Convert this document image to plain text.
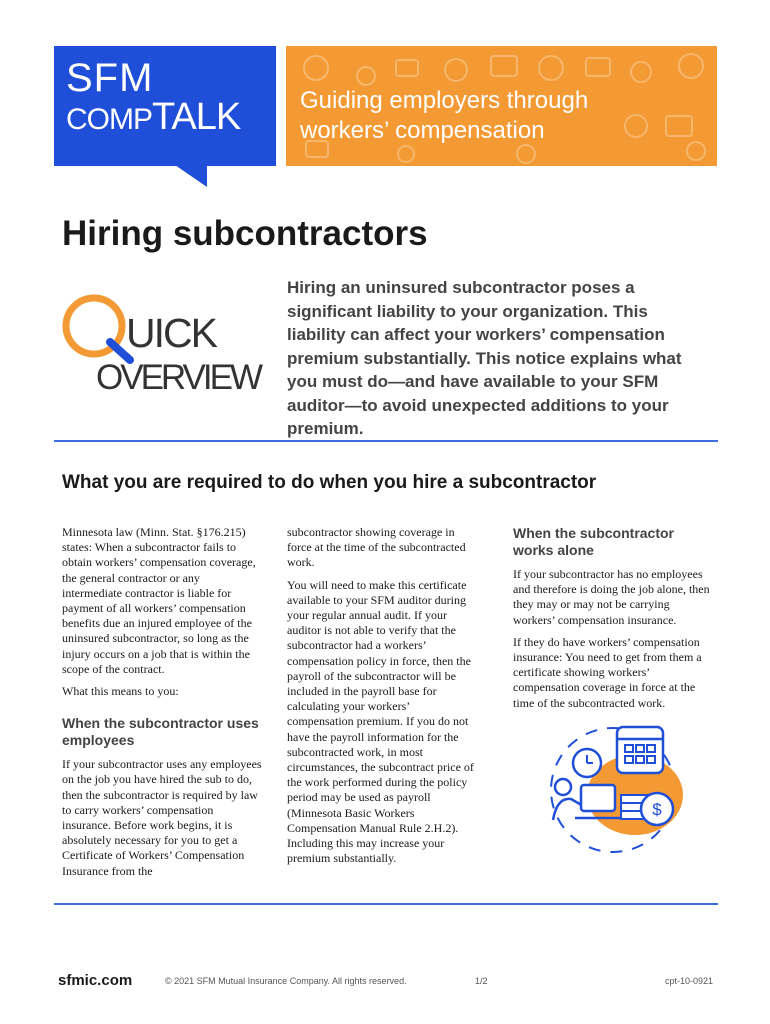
SFM
COMPTALK Guiding employers through
workers’ compensation
Hiring subcontractors
UICK
OVERVIEW

Hiring an uninsured subcontractor poses a significant liability to your organization. This liability can affect your workers’ compensation premium substantially. This notice explains what you must do—and have available to your SFM auditor—to avoid unexpected additions to your premium.

What you are required to do when you hire a subcontractor

Minnesota law (Minn. Stat. §176.215) states: When a subcontractor fails to obtain workers’ compensation coverage, the general contractor or any intermediate contractor is liable for payment of all workers’ compensation benefits due an injured employee of the uninsured subcontractor, so long as the injury occurs on a job that is within the scope of the contract.

What this means to you:

When the subcontractor uses employees

If your subcontractor uses any employees on the job you have hired the sub to do, then the subcontractor is required by law to carry workers’ compensation insurance. Before work begins, it is absolutely necessary for you to get a Certificate of Workers’ Compensation Insurance from the

subcontractor showing coverage in force at the time of the subcontracted work.

You will need to make this certificate available to your SFM auditor during your regular annual audit. If your auditor is not able to verify that the subcontractor had a workers’ compensation policy in force, then the payroll of the subcontractor will be included in the payroll base for calculating your workers’ compensation premium. If you do not have the payroll information for the subcontracted work, in most circumstances, the subcontract price of the work performed during the policy period may be used as payroll (Minnesota Basic Workers Compensation Manual Rule 2.H.2). Including this may increase your premium substantially.

When the subcontractor works alone

If your subcontractor has no employees and therefore is doing the job alone, then they may or may not be carrying workers’ compensation insurance.

If they do have workers’ compensation insurance: You need to get from them a certificate showing workers’ compensation coverage in force at the time of the subcontracted work.

$
sfmic.com	© 2021 SFM Mutual Insurance Company. All rights reserved.	1/2	cpt-10-0921
